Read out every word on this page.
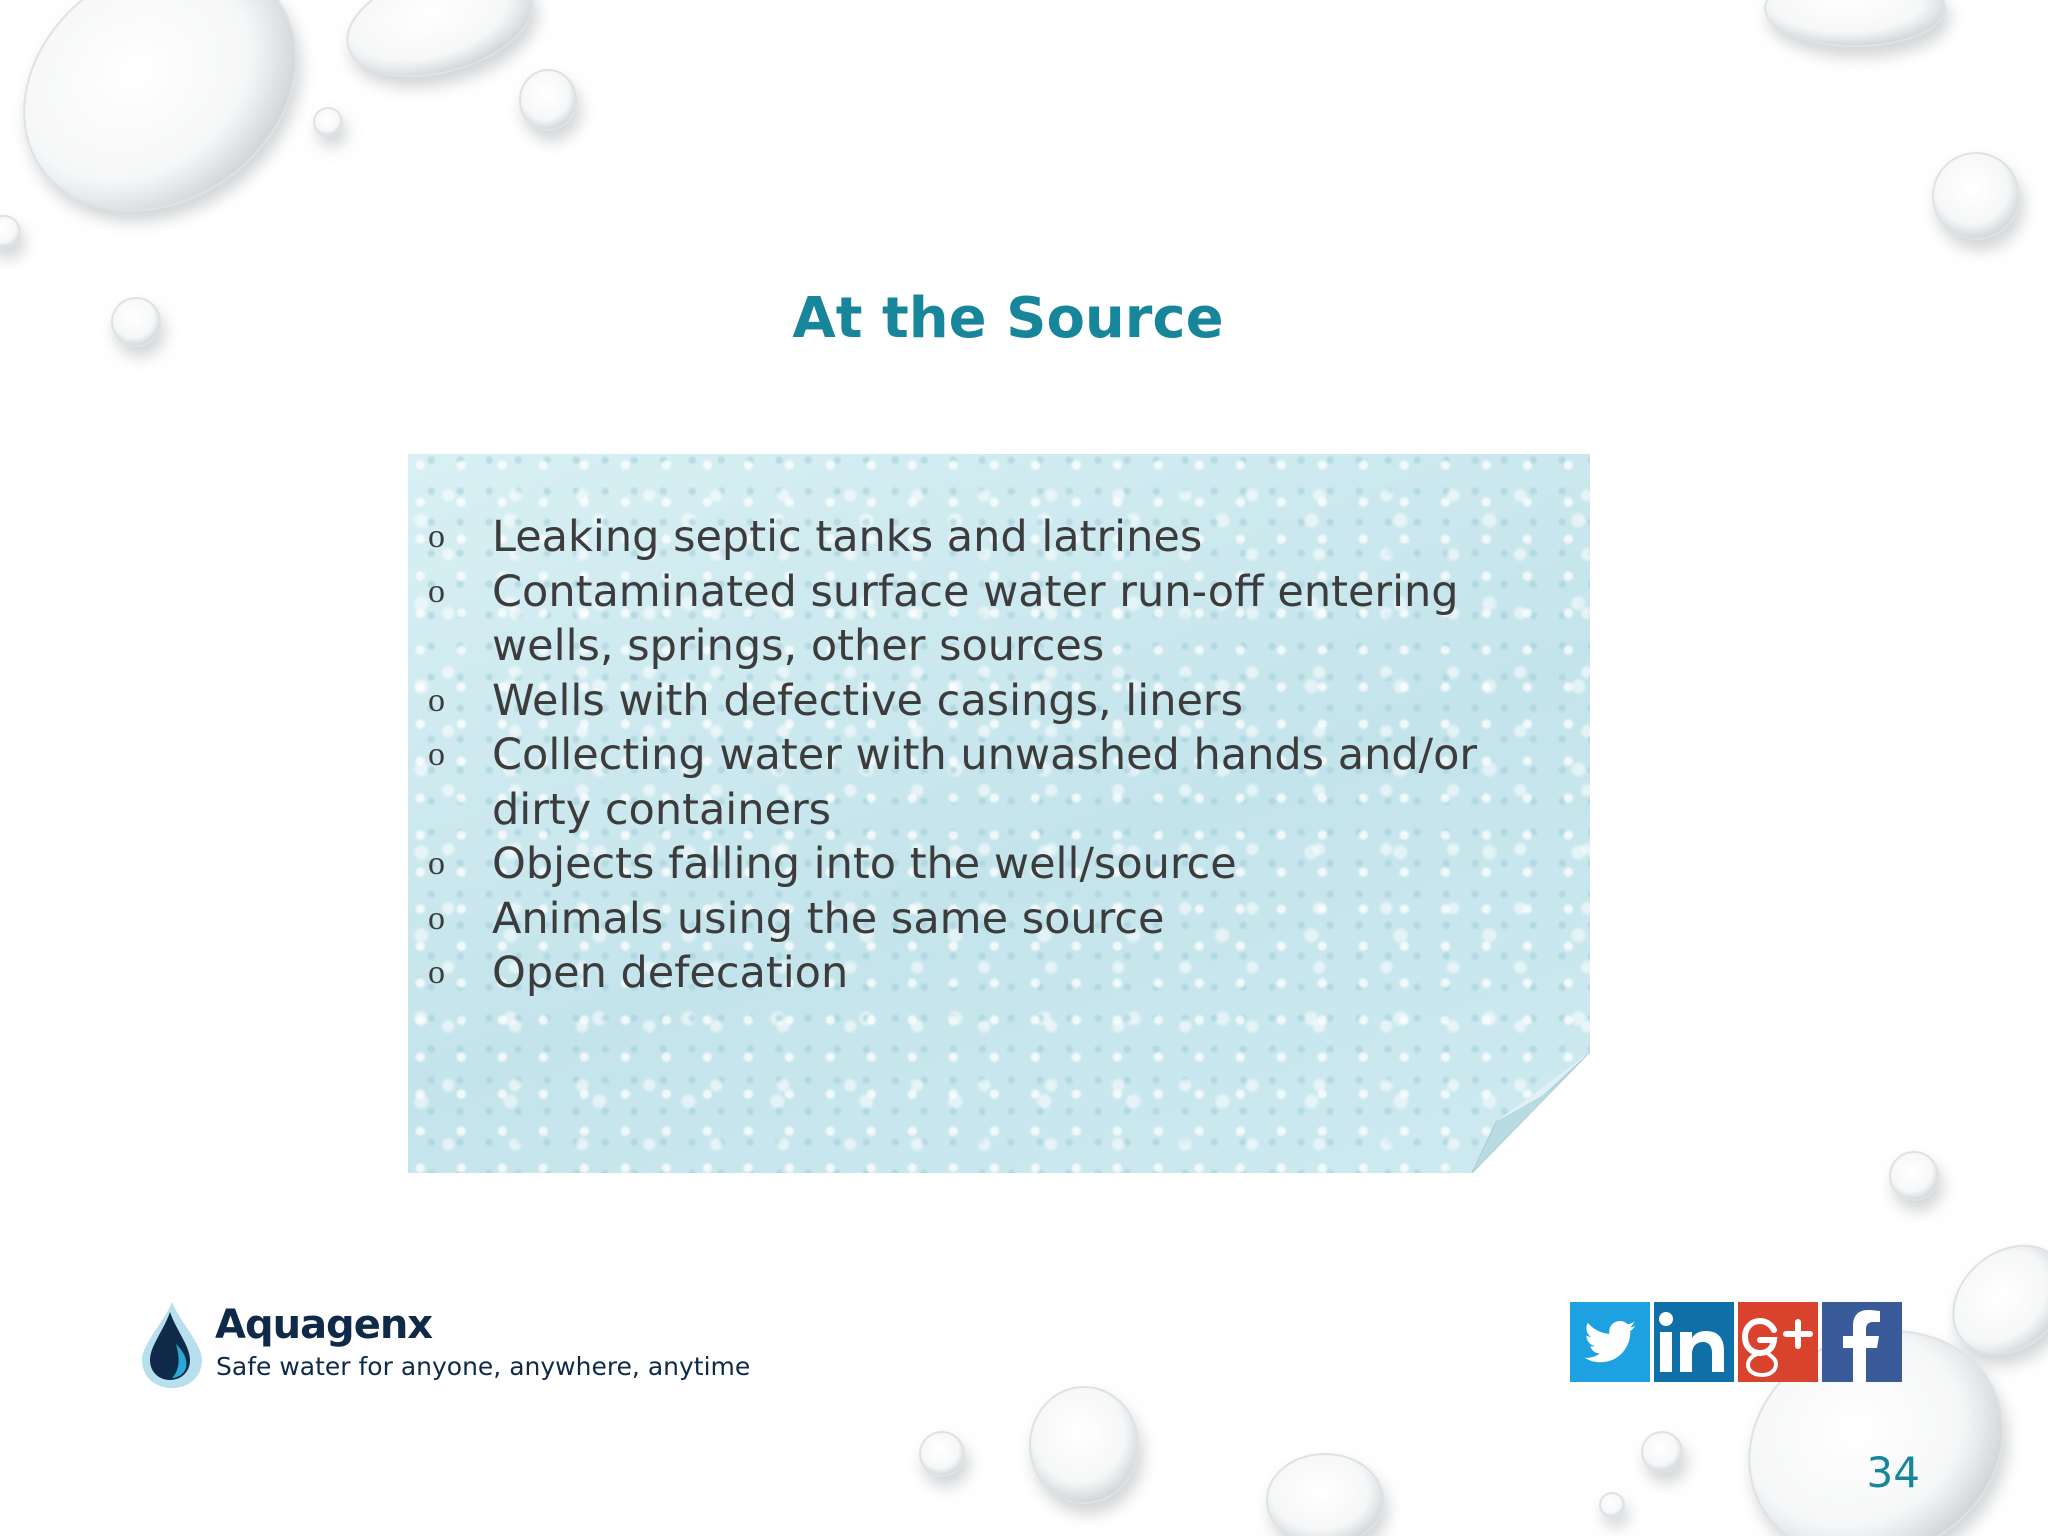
At the Source
o Leaking septic tanks and latrines
o Contaminated surface water run-off entering wells, springs, other sources
o Wells with defective casings, liners
o Collecting water with unwashed hands and/or dirty containers
o Objects falling into the well/source
o Animals using the same source
o Open defecation
Aquagenx
Safe water for anyone, anywhere, anytime
34
